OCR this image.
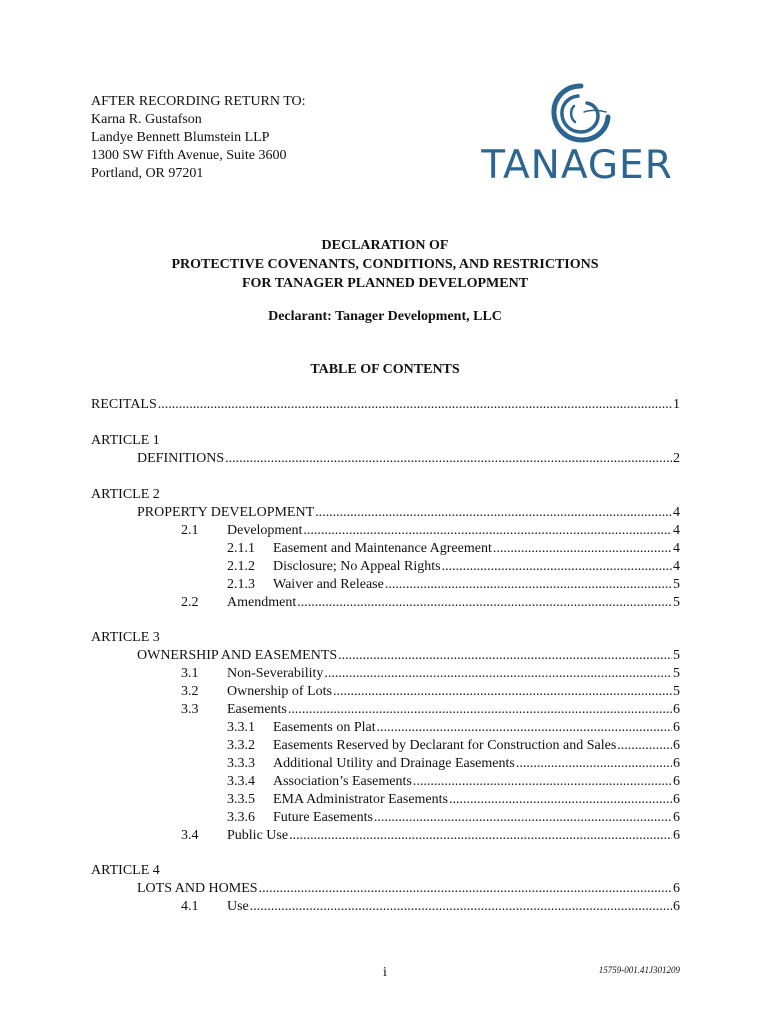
AFTER RECORDING RETURN TO:
Karna R. Gustafson
Landye Bennett Blumstein LLP
1300 SW Fifth Avenue, Suite 3600
Portland, OR 97201	TANAGER
DECLARATION OF
PROTECTIVE COVENANTS, CONDITIONS, AND RESTRICTIONS
FOR TANAGER PLANNED DEVELOPMENT
Declarant: Tanager Development, LLC
TABLE OF CONTENTS
RECITALS .....	1
ARTICLE 1
DEFINITIONS .....	2
ARTICLE 2
PROPERTY DEVELOPMENT .....	4
2.1	Development .....	4
2.1.1	Easement and Maintenance Agreement .....	4
2.1.2	Disclosure; No Appeal Rights .....	4
2.1.3	Waiver and Release .....	5
2.2	Amendment .....	5
ARTICLE 3
OWNERSHIP AND EASEMENTS .....	5
3.1	Non-Severability .....	5
3.2	Ownership of Lots .....	5
3.3	Easements .....	6
3.3.1	Easements on Plat .....	6
3.3.2	Easements Reserved by Declarant for Construction and Sales .....	6
3.3.3	Additional Utility and Drainage Easements .....	6
3.3.4	Association’s Easements .....	6
3.3.5	EMA Administrator Easements .....	6
3.3.6	Future Easements .....	6
3.4	Public Use .....	6
ARTICLE 4
LOTS AND HOMES .....	6
4.1	Use .....	6
i	15759-001.41J301209
